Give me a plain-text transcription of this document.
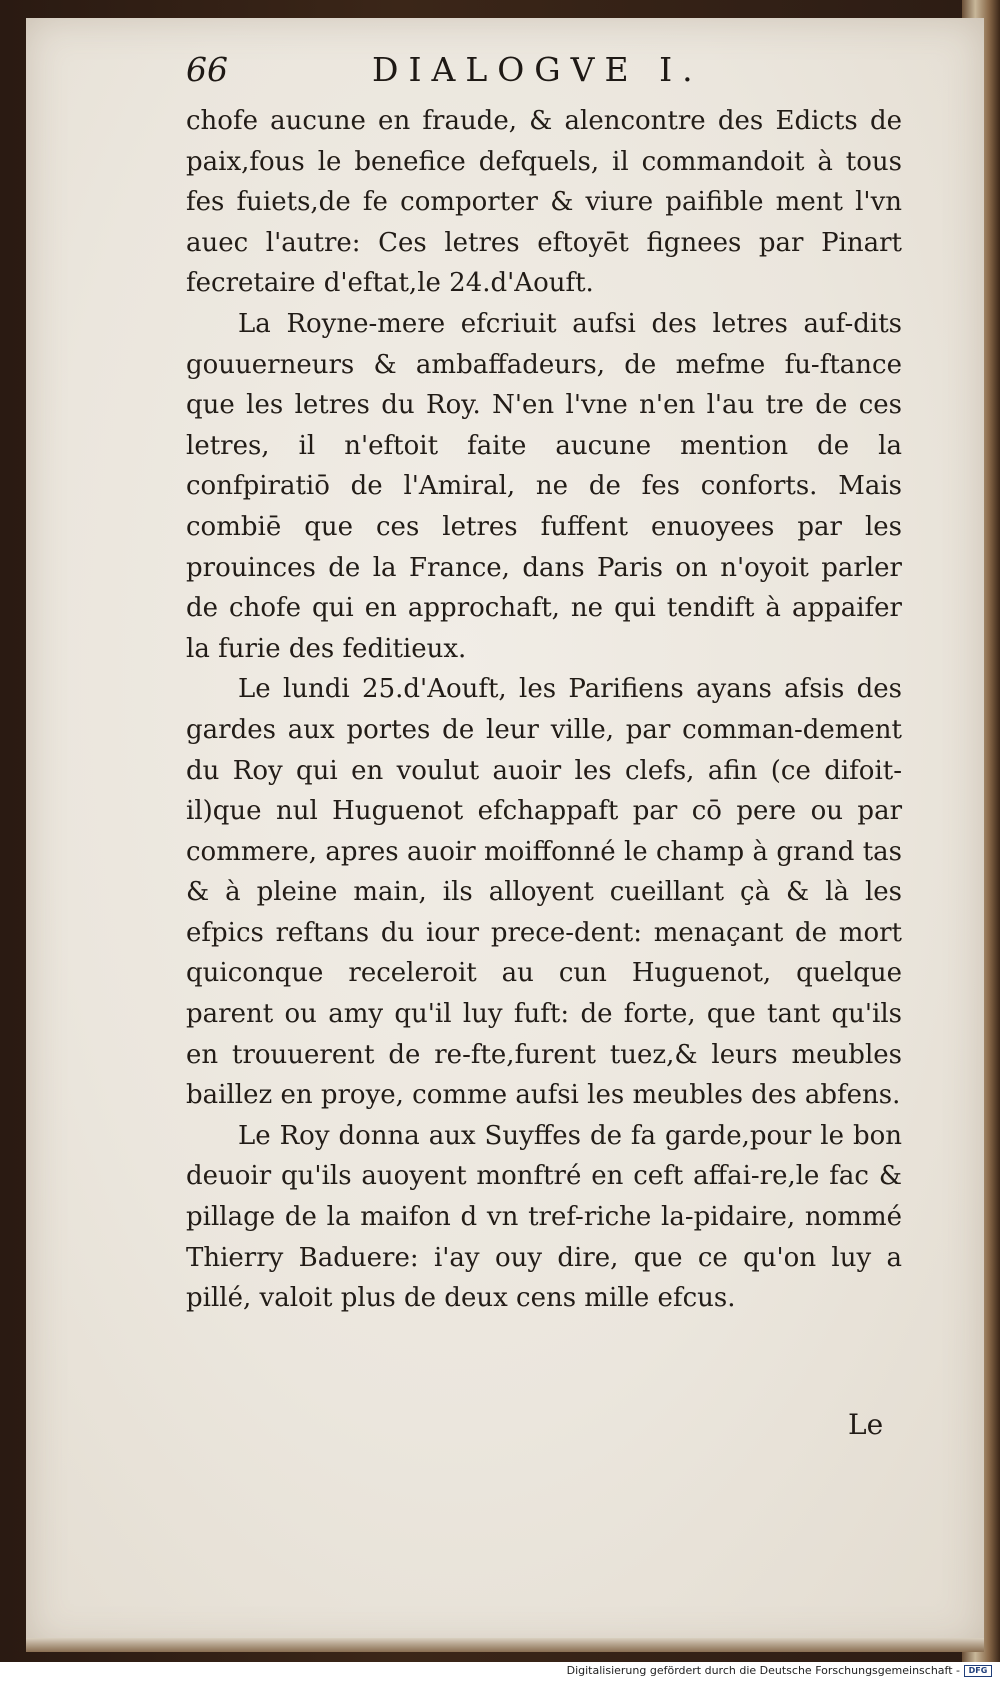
66	DIALOGVE I.

chofe aucune en fraude, & alencontre des Edicts de paix,fous le benefice defquels, il commandoit à tous fes fuiets,de fe comporter & viure paifible ment l'vn auec l'autre: Ces letres eftoyēt fignees par Pinart fecretaire d'eftat,le 24.d'Aouft.

La Royne-mere efcriuit aufsi des letres auf-dits gouuerneurs & ambaffadeurs, de mefme fu-ftance que les letres du Roy. N'en l'vne n'en l'au tre de ces letres, il n'eftoit faite aucune mention de la confpiratiō de l'Amiral, ne de fes conforts. Mais combiē que ces letres fuffent enuoyees par les prouinces de la France, dans Paris on n'oyoit parler de chofe qui en approchaft, ne qui tendift à appaifer la furie des feditieux.

Le lundi 25.d'Aouft, les Parifiens ayans afsis des gardes aux portes de leur ville, par comman-dement du Roy qui en voulut auoir les clefs, afin (ce difoit-il)que nul Huguenot efchappaft par cō pere ou par commere, apres auoir moiffonné le champ à grand tas & à pleine main, ils alloyent cueillant çà & là les efpics reftans du iour prece-dent: menaçant de mort quiconque receleroit au cun Huguenot, quelque parent ou amy qu'il luy fuft: de forte, que tant qu'ils en trouuerent de re-fte,furent tuez,& leurs meubles baillez en proye, comme aufsi les meubles des abfens.

Le Roy donna aux Suyffes de fa garde,pour le bon deuoir qu'ils auoyent monftré en ceft affai-re,le fac & pillage de la maifon d vn tref-riche la-pidaire, nommé Thierry Baduere: i'ay ouy dire, que ce qu'on luy a pillé, valoit plus de deux cens mille efcus.

Le
Digitalisierung gefördert durch die Deutsche Forschungsgemeinschaft -	DFG
